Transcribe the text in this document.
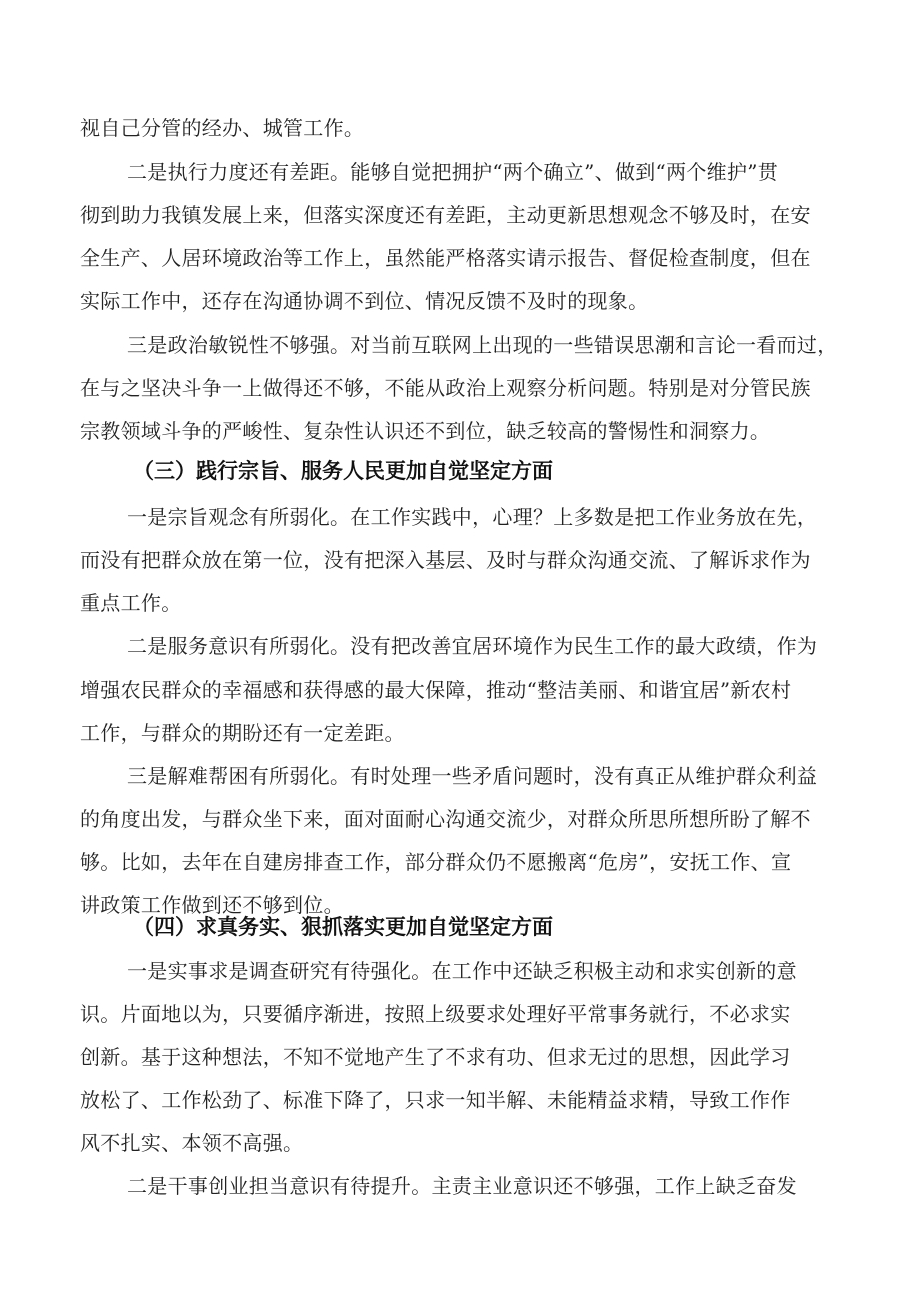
视自己分管的经办、城管工作。
二是执行力度还有差距。能够自觉把拥护“两个确立”、做到“两个维护”贯
彻到助力我镇发展上来，但落实深度还有差距，主动更新思想观念不够及时，在安
全生产、人居环境政治等工作上，虽然能严格落实请示报告、督促检查制度，但在
实际工作中，还存在沟通协调不到位、情况反馈不及时的现象。
三是政治敏锐性不够强。对当前互联网上出现的一些错误思潮和言论一看而过，
在与之坚决斗争一上做得还不够，不能从政治上观察分析问题。特别是对分管民族
宗教领域斗争的严峻性、复杂性认识还不到位，缺乏较高的警惕性和洞察力。
（三）践行宗旨、服务人民更加自觉坚定方面
一是宗旨观念有所弱化。在工作实践中，心理？上多数是把工作业务放在先，
而没有把群众放在第一位，没有把深入基层、及时与群众沟通交流、了解诉求作为
重点工作。
二是服务意识有所弱化。没有把改善宜居环境作为民生工作的最大政绩，作为
增强农民群众的幸福感和获得感的最大保障，推动“整洁美丽、和谐宜居”新农村
工作，与群众的期盼还有一定差距。
三是解难帮困有所弱化。有时处理一些矛盾问题时，没有真正从维护群众利益
的角度出发，与群众坐下来，面对面耐心沟通交流少，对群众所思所想所盼了解不
够。比如，去年在自建房排查工作，部分群众仍不愿搬离“危房”，安抚工作、宣
讲政策工作做到还不够到位。
（四）求真务实、狠抓落实更加自觉坚定方面
一是实事求是调查研究有待强化。在工作中还缺乏积极主动和求实创新的意
识。片面地以为，只要循序渐进，按照上级要求处理好平常事务就行，不必求实
创新。基于这种想法，不知不觉地产生了不求有功、但求无过的思想，因此学习
放松了、工作松劲了、标准下降了，只求一知半解、未能精益求精，导致工作作
风不扎实、本领不高强。
二是干事创业担当意识有待提升。主责主业意识还不够强，工作上缺乏奋发
